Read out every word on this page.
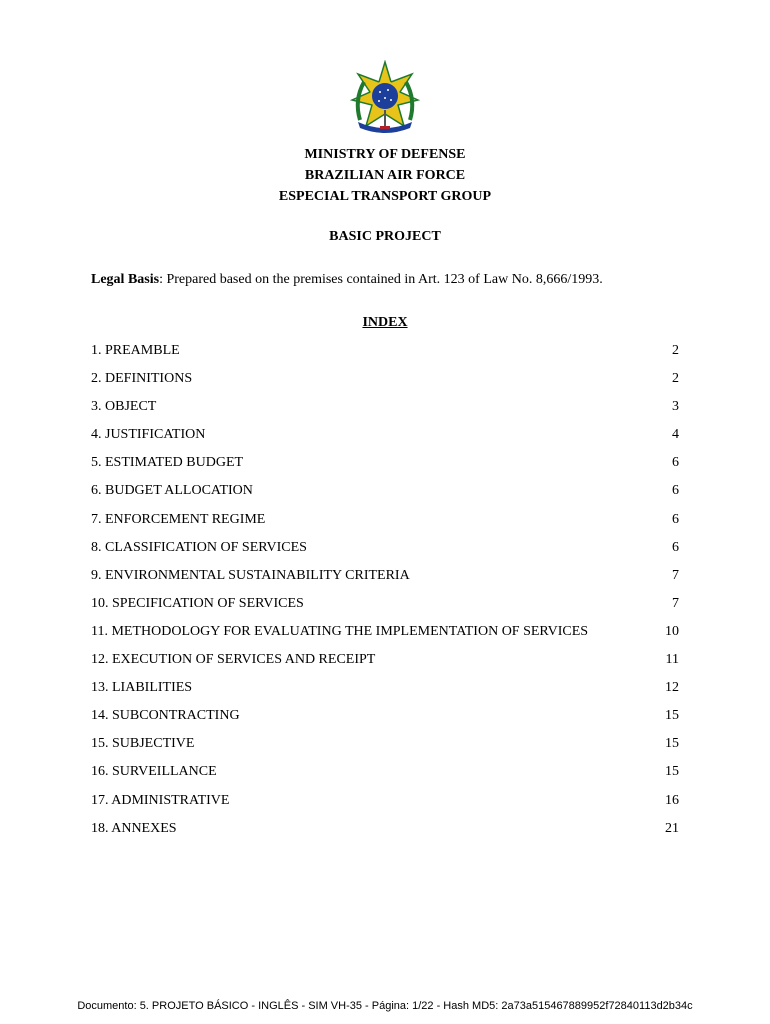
MINISTRY OF DEFENSE
BRAZILIAN AIR FORCE
ESPECIAL TRANSPORT GROUP
BASIC PROJECT
Legal Basis: Prepared based on the premises contained in Art. 123 of Law No. 8,666/1993.
INDEX
1. PREAMBLE	2
2. DEFINITIONS	2
3. OBJECT	3
4. JUSTIFICATION	4
5. ESTIMATED BUDGET	6
6. BUDGET ALLOCATION	6
7. ENFORCEMENT REGIME	6
8. CLASSIFICATION OF SERVICES	6
9. ENVIRONMENTAL SUSTAINABILITY CRITERIA	7
10. SPECIFICATION OF SERVICES	7
11. METHODOLOGY FOR EVALUATING THE IMPLEMENTATION OF SERVICES	10
12. EXECUTION OF SERVICES AND RECEIPT	11
13. LIABILITIES	12
14. SUBCONTRACTING	15
15. SUBJECTIVE	15
16. SURVEILLANCE	15
17. ADMINISTRATIVE	16
18. ANNEXES	21
Documento: 5. PROJETO BÁSICO - INGLÊS - SIM VH-35 - Página: 1/22 - Hash MD5: 2a73a515467889952f72840113d2b34c
